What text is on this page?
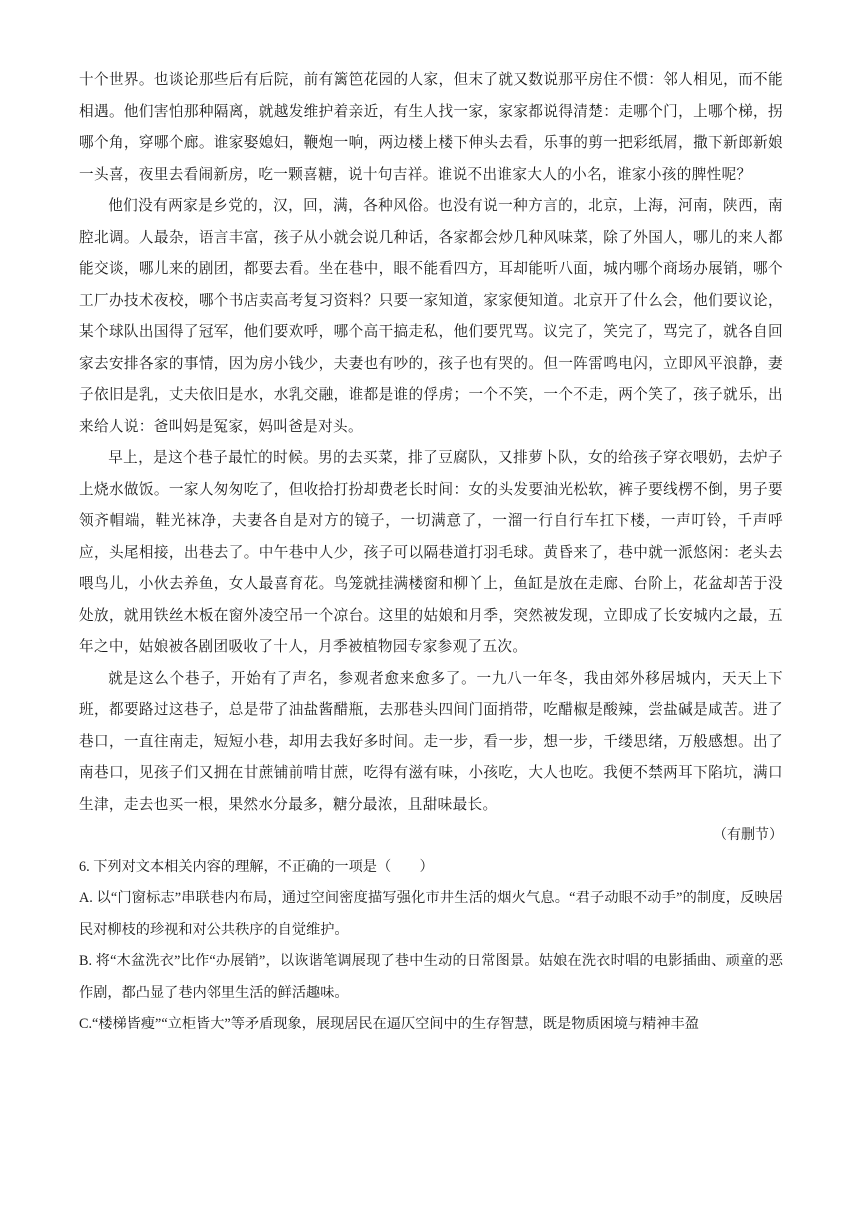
十个世界。也谈论那些后有后院，前有篱笆花园的人家，但末了就又数说那平房住不惯：邻人相见，而不能相遇。他们害怕那种隔离，就越发维护着亲近，有生人找一家，家家都说得清楚：走哪个门，上哪个梯，拐哪个角，穿哪个廊。谁家娶媳妇，鞭炮一响，两边楼上楼下伸头去看，乐事的剪一把彩纸屑，撒下新郎新娘一头喜，夜里去看闹新房，吃一颗喜糖，说十句吉祥。谁说不出谁家大人的小名，谁家小孩的脾性呢？

他们没有两家是乡党的，汉，回，满，各种风俗。也没有说一种方言的，北京，上海，河南，陕西，南腔北调。人最杂，语言丰富，孩子从小就会说几种话，各家都会炒几种风味菜，除了外国人，哪儿的来人都能交谈，哪儿来的剧团，都要去看。坐在巷中，眼不能看四方，耳却能听八面，城内哪个商场办展销，哪个工厂办技术夜校，哪个书店卖高考复习资料？只要一家知道，家家便知道。北京开了什么会，他们要议论，某个球队出国得了冠军，他们要欢呼，哪个高干搞走私，他们要咒骂。议完了，笑完了，骂完了，就各自回家去安排各家的事情，因为房小钱少，夫妻也有吵的，孩子也有哭的。但一阵雷鸣电闪，立即风平浪静，妻子依旧是乳，丈夫依旧是水，水乳交融，谁都是谁的俘虏；一个不笑，一个不走，两个笑了，孩子就乐，出来给人说：爸叫妈是冤家，妈叫爸是对头。

早上，是这个巷子最忙的时候。男的去买菜，排了豆腐队，又排萝卜队，女的给孩子穿衣喂奶，去炉子上烧水做饭。一家人匆匆吃了，但收拾打扮却费老长时间：女的头发要油光松软，裤子要线楞不倒，男子要领齐帽端，鞋光袜净，夫妻各自是对方的镜子，一切满意了，一溜一行自行车扛下楼，一声叮铃，千声呼应，头尾相接，出巷去了。中午巷中人少，孩子可以隔巷道打羽毛球。黄昏来了，巷中就一派悠闲：老头去喂鸟儿，小伙去养鱼，女人最喜育花。鸟笼就挂满楼窗和柳丫上，鱼缸是放在走廊、台阶上，花盆却苦于没处放，就用铁丝木板在窗外凌空吊一个凉台。这里的姑娘和月季，突然被发现，立即成了长安城内之最，五年之中，姑娘被各剧团吸收了十人，月季被植物园专家参观了五次。

就是这么个巷子，开始有了声名，参观者愈来愈多了。一九八一年冬，我由郊外移居城内，天天上下班，都要路过这巷子，总是带了油盐酱醋瓶，去那巷头四间门面捎带，吃醋椒是酸辣，尝盐碱是咸苦。进了巷口，一直往南走，短短小巷，却用去我好多时间。走一步，看一步，想一步，千缕思绪，万般感想。出了南巷口，见孩子们又拥在甘蔗铺前啃甘蔗，吃得有滋有味，小孩吃，大人也吃。我便不禁两耳下陷坑，满口生津，走去也买一根，果然水分最多，糖分最浓，且甜味最长。

（有删节）

6. 下列对文本相关内容的理解，不正确的一项是（　　）

A. 以“门窗标志”串联巷内布局，通过空间密度描写强化市井生活的烟火气息。“君子动眼不动手”的制度，反映居民对柳枝的珍视和对公共秩序的自觉维护。

B. 将“木盆洗衣”比作“办展销”，以诙谐笔调展现了巷中生动的日常图景。姑娘在洗衣时唱的电影插曲、顽童的恶作剧，都凸显了巷内邻里生活的鲜活趣味。

C.“楼梯皆瘦”“立柜皆大”等矛盾现象，展现居民在逼仄空间中的生存智慧，既是物质困境与精神丰盈
